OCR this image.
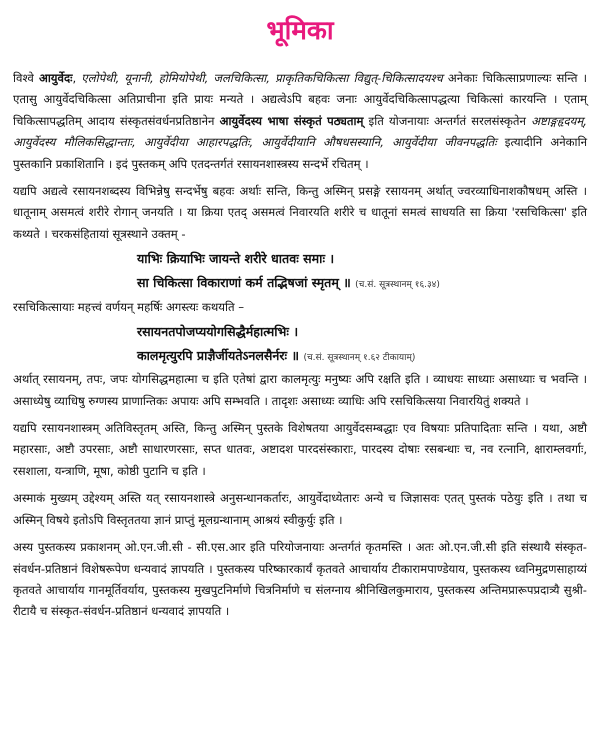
भूमिका

विश्वे आयुर्वेदः, एलोपेथी, यूनानी, होमियोपेथी, जलचिकित्सा, प्राकृतिकचिकित्सा विद्युत्-चिकित्सादयश्च अनेकाः चिकित्साप्रणाल्यः सन्ति । एतासु आयुर्वेदचिकित्सा अतिप्राचीना इति प्रायः मन्यते । अद्यत्वेऽपि बहवः जनाः आयुर्वेदचिकित्सापद्धत्या चिकित्सां कारयन्ति । एताम् चिकित्सापद्धतिम् आदाय संस्कृतसंवर्धनप्रतिष्ठानेन आयुर्वेदस्य भाषा संस्कृतं पठ्यताम् इति योजनायाः अन्तर्गतं सरलसंस्कृतेन अष्टाङ्गहृदयम्, आयुर्वेदस्य मौलिकसिद्धान्ताः, आयुर्वेदीया आहारपद्धतिः, आयुर्वेदीयानि औषधसस्यानि, आयुर्वेदीया जीवनपद्धतिः इत्यादीनि अनेकानि पुस्तकानि प्रकाशितानि । इदं पुस्तकम् अपि एतदन्तर्गतं रसायनशास्त्रस्य सन्दर्भे रचितम् ।

यद्यपि अद्यत्वे रसायनशब्दस्य विभिन्नेषु सन्दर्भेषु बहवः अर्थाः सन्ति, किन्तु अस्मिन् प्रसङ्गे रसायनम् अर्थात् ज्वरव्याधिनाशकौषधम् अस्ति । धातूनाम् असमत्वं शरीरे रोगान् जनयति । या क्रिया एतद् असमत्वं निवारयति शरीरे च धातूनां समत्वं साधयति सा क्रिया 'रसचिकित्सा' इति कथ्यते । चरकसंहितायां सूत्रस्थाने उक्तम् -

याभिः क्रियाभिः जायन्ते शरीरे धातवः समाः ।
सा चिकित्सा विकाराणां कर्म तद्भिषजां स्मृतम् ॥ (च.सं. सूत्रस्थानम् १६.३४)

रसचिकित्सायाः महत्त्वं वर्णयन् महर्षिः अगस्त्यः कथयति –

रसायनतपोजप्ययोगसिद्धैर्महात्मभिः ।
कालमृत्युरपि प्राज्ञैर्जीयतेऽनलसैर्नरः ॥ (च.सं. सूत्रस्थानम् १.६२ टीकायाम्)

अर्थात् रसायनम्, तपः, जपः योगसिद्धमहात्मा च इति एतेषां द्वारा कालमृत्युः मनुष्यः अपि रक्षति इति । व्याधयः साध्याः असाध्याः च भवन्ति । असाध्येषु व्याधिषु रुग्णस्य प्राणान्तिकः अपायः अपि सम्भवति । तादृशः असाध्यः व्याधिः अपि रसचिकित्सया निवारयितुं शक्यते ।

यद्यपि रसायनशास्त्रम् अतिविस्तृतम् अस्ति, किन्तु अस्मिन् पुस्तके विशेषतया आयुर्वेदसम्बद्धाः एव विषयाः प्रतिपादिताः सन्ति । यथा, अष्टौ महारसाः, अष्टौ उपरसाः, अष्टौ साधारणरसाः, सप्त धातवः, अष्टादश पारदसंस्काराः, पारदस्य दोषाः रसबन्धाः च, नव रत्नानि, क्षाराम्लवर्गाः, रसशाला, यन्त्राणि, मूषा, कोष्ठी पुटानि च इति ।

अस्माकं मुख्यम् उद्देश्यम् अस्ति यत् रसायनशास्त्रे अनुसन्धानकर्तारः, आयुर्वेदाध्येतारः अन्ये च जिज्ञासवः एतत् पुस्तकं पठेयुः इति । तथा च अस्मिन् विषये इतोऽपि विस्तृततया ज्ञानं प्राप्तुं मूलग्रन्थानाम् आश्रयं स्वीकुर्युः इति ।

अस्य पुस्तकस्य प्रकाशनम् ओ.एन.जी.सी - सी.एस.आर इति परियोजनायाः अन्तर्गतं कृतमस्ति । अतः ओ.एन.जी.सी इति संस्थायै संस्कृत-संवर्धन-प्रतिष्ठानं विशेषरूपेण धन्यवादं ज्ञापयति । पुस्तकस्य परिष्कारकार्यं कृतवते आचार्याय टीकारामपाण्डेयाय, पुस्तकस्य ध्वनिमुद्रणसाहाय्यं कृतवते आचार्याय गानमूर्तिवर्याय, पुस्तकस्य मुखपुटनिर्माणे चित्रनिर्माणे च संलग्नाय श्रीनिखिलकुमाराय, पुस्तकस्य अन्तिमप्रारूपप्रदात्र्यै सुश्री-रीटायै च संस्कृत-संवर्धन-प्रतिष्ठानं धन्यवादं ज्ञापयति ।
